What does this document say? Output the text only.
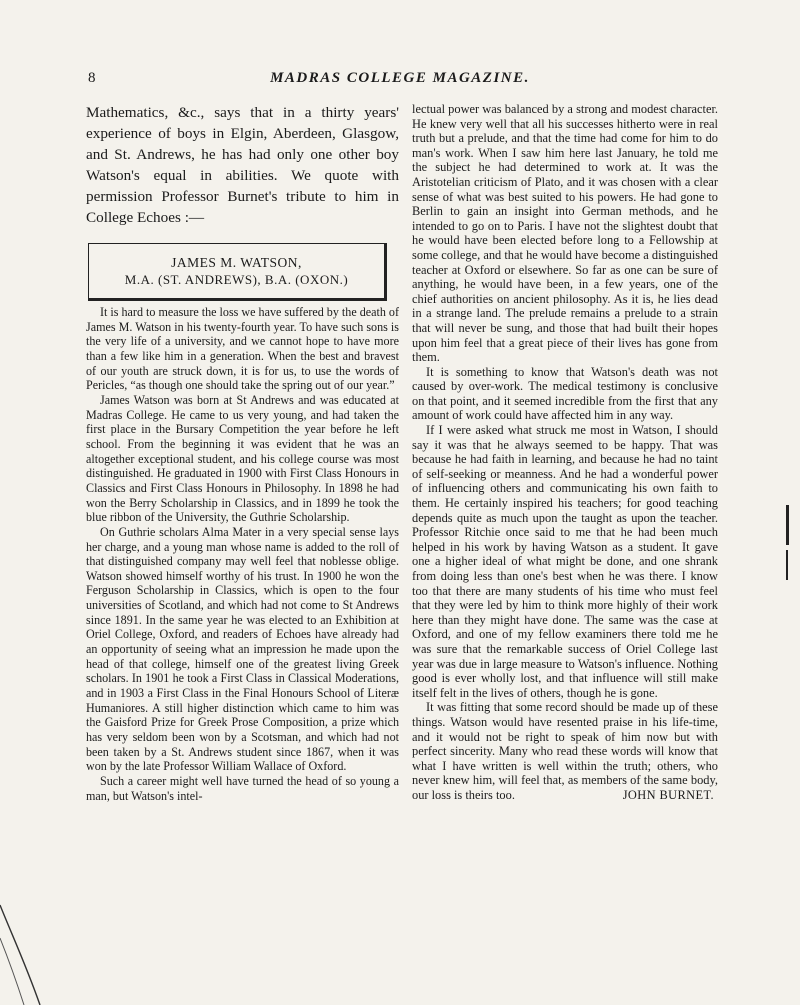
8	MADRAS COLLEGE MAGAZINE.

Mathematics, &c., says that in a thirty years' experience of boys in Elgin, Aberdeen, Glasgow, and St. Andrews, he has had only one other boy Watson's equal in abilities. We quote with permission Professor Burnet's tribute to him in College Echoes :—

JAMES M. WATSON,
M.A. (ST. ANDREWS), B.A. (OXON.)

It is hard to measure the loss we have suffered by the death of James M. Watson in his twenty-fourth year. To have such sons is the very life of a university, and we cannot hope to have more than a few like him in a generation. When the best and bravest of our youth are struck down, it is for us, to use the words of Pericles, “as though one should take the spring out of our year.”

James Watson was born at St Andrews and was educated at Madras College. He came to us very young, and had taken the first place in the Bursary Competition the year before he left school. From the beginning it was evident that he was an altogether exceptional student, and his college course was most distinguished. He graduated in 1900 with First Class Honours in Classics and First Class Honours in Philosophy. In 1898 he had won the Berry Scholarship in Classics, and in 1899 he took the blue ribbon of the University, the Guthrie Scholarship.

On Guthrie scholars Alma Mater in a very special sense lays her charge, and a young man whose name is added to the roll of that distinguished company may well feel that noblesse oblige. Watson showed himself worthy of his trust. In 1900 he won the Ferguson Scholarship in Classics, which is open to the four universities of Scotland, and which had not come to St Andrews since 1891. In the same year he was elected to an Exhibition at Oriel College, Oxford, and readers of Echoes have already had an opportunity of seeing what an impression he made upon the head of that college, himself one of the greatest living Greek scholars. In 1901 he took a First Class in Classical Moderations, and in 1903 a First Class in the Final Honours School of Literæ Humaniores. A still higher distinction which came to him was the Gaisford Prize for Greek Prose Composition, a prize which has very seldom been won by a Scotsman, and which had not been taken by a St. Andrews student since 1867, when it was won by the late Professor William Wallace of Oxford.

Such a career might well have turned the head of so young a man, but Watson's intel-

lectual power was balanced by a strong and modest character. He knew very well that all his successes hitherto were in real truth but a prelude, and that the time had come for him to do man's work. When I saw him here last January, he told me the subject he had determined to work at. It was the Aristotelian criticism of Plato, and it was chosen with a clear sense of what was best suited to his powers. He had gone to Berlin to gain an insight into German methods, and he intended to go on to Paris. I have not the slightest doubt that he would have been elected before long to a Fellowship at some college, and that he would have become a distinguished teacher at Oxford or elsewhere. So far as one can be sure of anything, he would have been, in a few years, one of the chief authorities on ancient philosophy. As it is, he lies dead in a strange land. The prelude remains a prelude to a strain that will never be sung, and those that had built their hopes upon him feel that a great piece of their lives has gone from them.

It is something to know that Watson's death was not caused by over-work. The medical testimony is conclusive on that point, and it seemed incredible from the first that any amount of work could have affected him in any way.

If I were asked what struck me most in Watson, I should say it was that he always seemed to be happy. That was because he had faith in learning, and because he had no taint of self-seeking or meanness. And he had a wonderful power of influencing others and communicating his own faith to them. He certainly inspired his teachers; for good teaching depends quite as much upon the taught as upon the teacher. Professor Ritchie once said to me that he had been much helped in his work by having Watson as a student. It gave one a higher ideal of what might be done, and one shrank from doing less than one's best when he was there. I know too that there are many students of his time who must feel that they were led by him to think more highly of their work here than they might have done. The same was the case at Oxford, and one of my fellow examiners there told me he was sure that the remarkable success of Oriel College last year was due in large measure to Watson's influence. Nothing good is ever wholly lost, and that influence will still make itself felt in the lives of others, though he is gone.

It was fitting that some record should be made up of these things. Watson would have resented praise in his life-time, and it would not be right to speak of him now but with perfect sincerity. Many who read these words will know that what I have written is well within the truth; others, who never knew him, will feel that, as members of the same body, our loss is theirs too.	JOHN BURNET.
